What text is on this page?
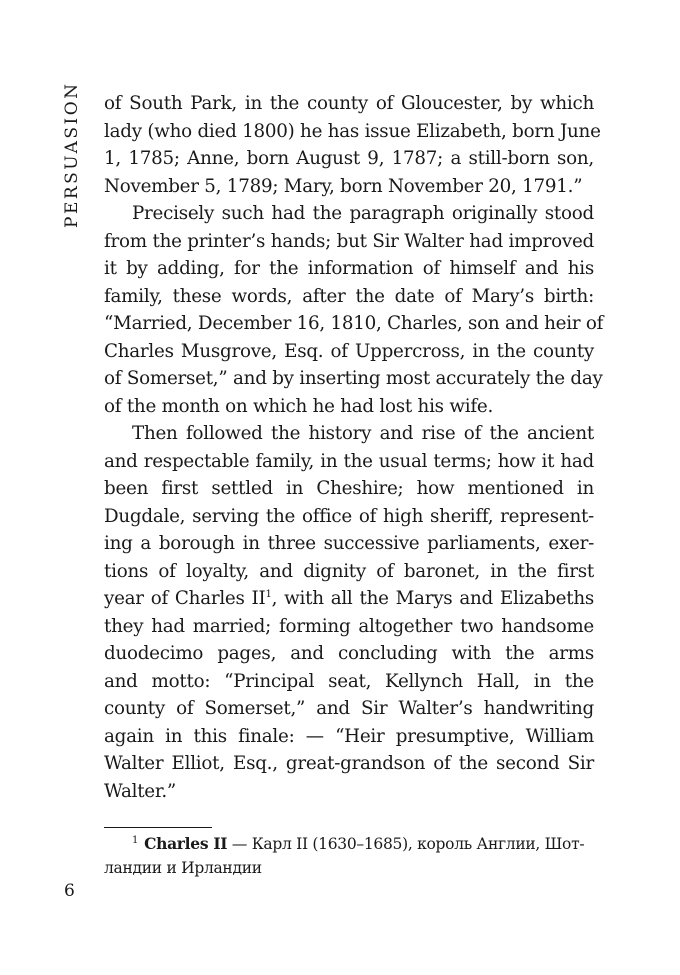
PERSUASION of South Park, in the county of Gloucester, by which
lady (who died 1800) he has issue Elizabeth, born June
1, 1785; Anne, born August 9, 1787; a still-born son,
November 5, 1789; Mary, born November 20, 1791.”
Precisely such had the paragraph originally stood
from the printer’s hands; but Sir Walter had improved
it by adding, for the information of himself and his
family, these words, after the date of Mary’s birth:
“Married, December 16, 1810, Charles, son and heir of
Charles Musgrove, Esq. of Uppercross, in the county
of Somerset,” and by inserting most accurately the day
of the month on which he had lost his wife.
Then followed the history and rise of the ancient
and respectable family, in the usual terms; how it had
been first settled in Cheshire; how mentioned in
Dugdale, serving the office of high sheriff, represent-
ing a borough in three successive parliaments, exer-
tions of loyalty, and dignity of baronet, in the first
year of Charles $II^1$, with all the Marys and Elizabeths
they had married; forming altogether two handsome
duodecimo pages, and concluding with the arms
and motto: “Principal seat, Kellynch Hall, in the
county of Somerset,” and Sir Walter’s handwriting
again in this finale: — “Heir presumptive, William
Walter Elliot, Esq., great-grandson of the second Sir
Walter.”
$^1$ Charles II — Карл II (1630–1685), король Англии, Шот-
ландии и Ирландии
6
